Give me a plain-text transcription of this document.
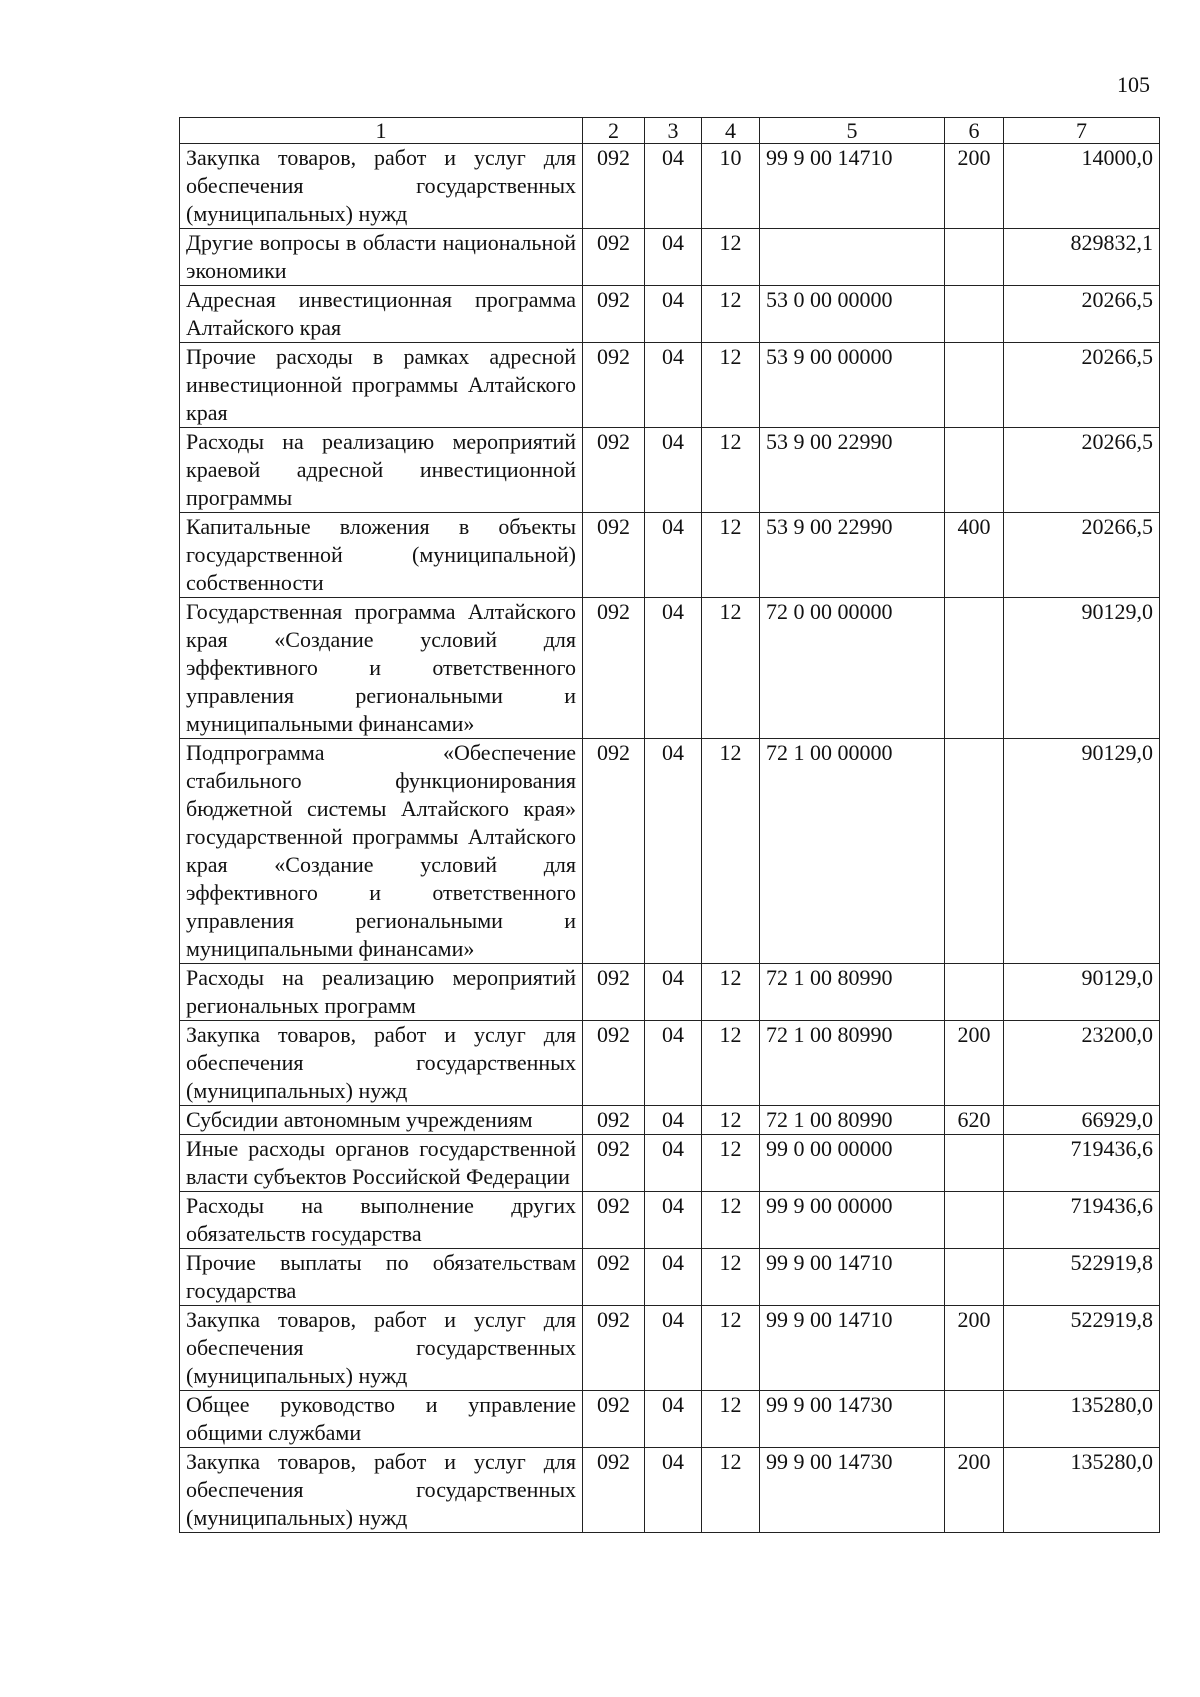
105
1	2	3	4	5	6	7
Закупка товаров, работ и услуг для обеспечения государственных (муниципальных) нужд	092	04	10	99 9 00 14710	200	14000,0
Другие вопросы в области национальной экономики	092	04	12			829832,1
Адресная инвестиционная программа Алтайского края	092	04	12	53 0 00 00000		20266,5
Прочие расходы в рамках адресной инвестиционной программы Алтайского края	092	04	12	53 9 00 00000		20266,5
Расходы на реализацию мероприятий краевой адресной инвестиционной программы	092	04	12	53 9 00 22990		20266,5
Капитальные вложения в объекты государственной (муниципальной) собственности	092	04	12	53 9 00 22990	400	20266,5
Государственная программа Алтайского края «Создание условий для эффективного и ответственного управления региональными и муниципальными финансами»	092	04	12	72 0 00 00000		90129,0
Подпрограмма «Обеспечение стабильного функционирования бюджетной системы Алтайского края» государственной программы Алтайского края «Создание условий для эффективного и ответственного управления региональными и муниципальными финансами»	092	04	12	72 1 00 00000		90129,0
Расходы на реализацию мероприятий региональных программ	092	04	12	72 1 00 80990		90129,0
Закупка товаров, работ и услуг для обеспечения государственных (муниципальных) нужд	092	04	12	72 1 00 80990	200	23200,0
Субсидии автономным учреждениям	092	04	12	72 1 00 80990	620	66929,0
Иные расходы органов государственной власти субъектов Российской Федерации	092	04	12	99 0 00 00000		719436,6
Расходы на выполнение других обязательств государства	092	04	12	99 9 00 00000		719436,6
Прочие выплаты по обязательствам государства	092	04	12	99 9 00 14710		522919,8
Закупка товаров, работ и услуг для обеспечения государственных (муниципальных) нужд	092	04	12	99 9 00 14710	200	522919,8
Общее руководство и управление общими службами	092	04	12	99 9 00 14730		135280,0
Закупка товаров, работ и услуг для обеспечения государственных (муниципальных) нужд	092	04	12	99 9 00 14730	200	135280,0
